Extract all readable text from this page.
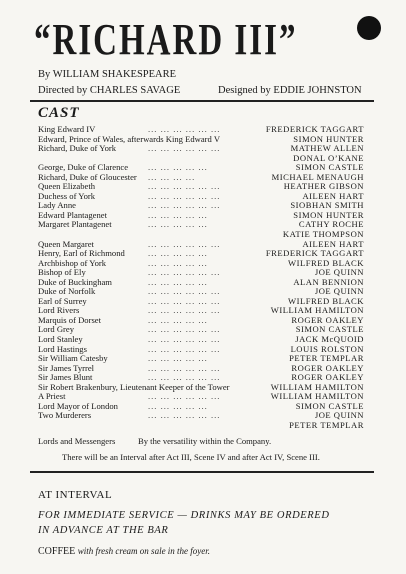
“RICHARD III”
By WILLIAM SHAKESPEARE
Directed by CHARLES SAVAGE	Designed by EDDIE JOHNSTON
CAST
King Edward IV	... ... ... ... ... ...	FREDERICK TAGGART
Edward, Prince of Wales, afterwards King Edward V	SIMON HUNTER
Richard, Duke of York	... ... ... ... ... ...	MATHEW ALLEN
DONAL O’KANE
George, Duke of Clarence ... ... ... ... ...	SIMON CASTLE
Richard, Duke of Gloucester ... ... ... ...	MICHAEL MENAUGH
Queen Elizabeth	... ... ... ... ... ...	HEATHER GIBSON
Duchess of York	... ... ... ... ... ...	AILEEN HART
Lady Anne	... ... ... ... ... ...	SIOBHAN SMITH
Edward Plantagenet	... ... ... ... ...	SIMON HUNTER
Margaret Plantagenet	... ... ... ... ...	CATHY ROCHE
KATIE THOMPSON
Queen Margaret	... ... ... ... ... ...	AILEEN HART
Henry, Earl of Richmond	... ... ... ... ...	FREDERICK TAGGART
Archbishop of York	... ... ... ... ...	WILFRED BLACK
Bishop of Ely	... ... ... ... ... ...	JOE QUINN
Duke of Buckingham	... ... ... ... ...	ALAN BENNION
Duke of Norfolk	... ... ... ... ... ...	JOE QUINN
Earl of Surrey	... ... ... ... ... ...	WILFRED BLACK
Lord Rivers	... ... ... ... ... ...	WILLIAM HAMILTON
Marquis of Dorset	... ... ... ... ...	ROGER OAKLEY
Lord Grey	... ... ... ... ... ...	SIMON CASTLE
Lord Stanley	... ... ... ... ... ...	JACK McQUOID
Lord Hastings	... ... ... ... ... ...	LOUIS ROLSTON
Sir William Catesby	... ... ... ... ...	PETER TEMPLAR
Sir James Tyrrel	... ... ... ... ... ...	ROGER OAKLEY
Sir James Blunt	... ... ... ... ... ...	ROGER OAKLEY
Sir Robert Brakenbury, Lieutenant Keeper of the Tower	WILLIAM HAMILTON
A Priest	... ... ... ... ... ...	WILLIAM HAMILTON
Lord Mayor of London	... ... ... ... ...	SIMON CASTLE
Two Murderers	... ... ... ... ... ...	JOE QUINN
PETER TEMPLAR
Lords and Messengers	By the versatility within the Company.
There will be an Interval after Act III, Scene IV and after Act IV, Scene III.
AT INTERVAL
FOR IMMEDIATE SERVICE — DRINKS MAY BE ORDERED
IN ADVANCE AT THE BAR
COFFEE with fresh cream on sale in the foyer.
